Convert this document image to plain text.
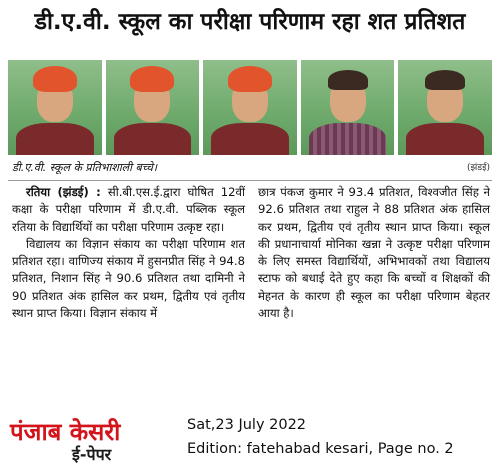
डी.ए.वी. स्कूल का परीक्षा परिणाम रहा शत प्रतिशत
डी.ए.वी. स्कूल के प्रतिभाशाली बच्चे।	(झंडई)

रतिया (झंडई) : सी.बी.एस.ई.द्वारा घोषित 12वीं कक्षा के परीक्षा परिणाम में डी.ए.वी. पब्लिक स्कूल रतिया के विद्यार्थियों का परीक्षा परिणाम उत्कृष्ट रहा।

विद्यालय का विज्ञान संकाय का परीक्षा परिणाम शत प्रतिशत रहा। वाणिज्य संकाय में हुसनप्रीत सिंह ने 94.8 प्रतिशत, निशान सिंह ने 90.6 प्रतिशत तथा दामिनी ने 90 प्रतिशत अंक हासिल कर प्रथम, द्वितीय एवं तृतीय स्थान प्राप्त किया। विज्ञान संकाय में

छात्र पंकज कुमार ने 93.4 प्रतिशत, विश्वजीत सिंह ने 92.6 प्रतिशत तथा राहुल ने 88 प्रतिशत अंक हासिल कर प्रथम, द्वितीय एवं तृतीय स्थान प्राप्त किया। स्कूल की प्रधानाचार्या मोनिका खन्ना ने उत्कृष्ट परीक्षा परिणाम के लिए समस्त विद्यार्थियों, अभिभावकों तथा विद्यालय स्टाफ को बधाई देते हुए कहा कि बच्चों व शिक्षकों की मेहनत के कारण ही स्कूल का परीक्षा परिणाम बेहतर आया है।

पंजाब केसरी
ई-पेपर
Sat,23 July 2022
Edition: fatehabad kesari, Page no. 2
